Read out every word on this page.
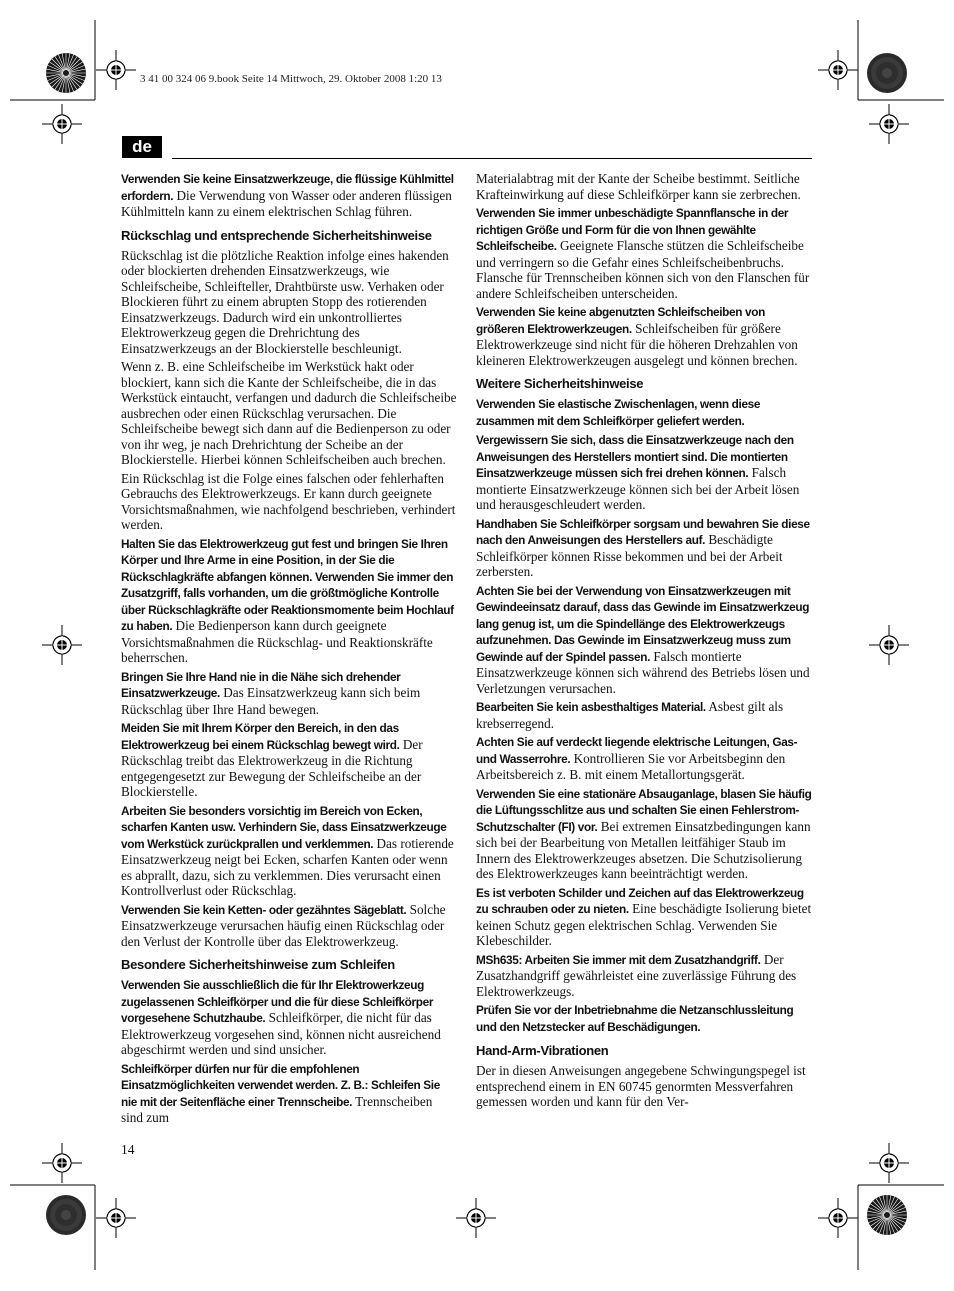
3 41 00 324 06 9.book Seite 14 Mittwoch, 29. Oktober 2008 1:20 13
de

Verwenden Sie keine Einsatzwerkzeuge, die flüssige Kühlmittel erfordern. Die Verwendung von Wasser oder anderen flüssigen Kühlmitteln kann zu einem elektrischen Schlag führen.

Rückschlag und entsprechende Sicherheitshinweise

Rückschlag ist die plötzliche Reaktion infolge eines hakenden oder blockierten drehenden Einsatzwerkzeugs, wie Schleifscheibe, Schleifteller, Drahtbürste usw. Verhaken oder Blockieren führt zu einem abrupten Stopp des rotierenden Einsatzwerkzeugs. Dadurch wird ein unkontrolliertes Elektrowerkzeug gegen die Drehrichtung des Einsatzwerkzeugs an der Blockierstelle beschleunigt.

Wenn z. B. eine Schleifscheibe im Werkstück hakt oder blockiert, kann sich die Kante der Schleifscheibe, die in das Werkstück eintaucht, verfangen und dadurch die Schleifscheibe ausbrechen oder einen Rückschlag verursachen. Die Schleifscheibe bewegt sich dann auf die Bedienperson zu oder von ihr weg, je nach Drehrichtung der Scheibe an der Blockierstelle. Hierbei können Schleifscheiben auch brechen.

Ein Rückschlag ist die Folge eines falschen oder fehlerhaften Gebrauchs des Elektrowerkzeugs. Er kann durch geeignete Vorsichtsmaßnahmen, wie nachfolgend beschrieben, verhindert werden.

Halten Sie das Elektrowerkzeug gut fest und bringen Sie Ihren Körper und Ihre Arme in eine Position, in der Sie die Rückschlagkräfte abfangen können. Verwenden Sie immer den Zusatzgriff, falls vorhanden, um die größtmögliche Kontrolle über Rückschlagkräfte oder Reaktionsmomente beim Hochlauf zu haben. Die Bedienperson kann durch geeignete Vorsichtsmaßnahmen die Rückschlag- und Reaktionskräfte beherrschen.

Bringen Sie Ihre Hand nie in die Nähe sich drehender Einsatzwerkzeuge. Das Einsatzwerkzeug kann sich beim Rückschlag über Ihre Hand bewegen.

Meiden Sie mit Ihrem Körper den Bereich, in den das Elektrowerkzeug bei einem Rückschlag bewegt wird. Der Rückschlag treibt das Elektrowerkzeug in die Richtung entgegengesetzt zur Bewegung der Schleifscheibe an der Blockierstelle.

Arbeiten Sie besonders vorsichtig im Bereich von Ecken, scharfen Kanten usw. Verhindern Sie, dass Einsatzwerkzeuge vom Werkstück zurückprallen und verklemmen. Das rotierende Einsatzwerkzeug neigt bei Ecken, scharfen Kanten oder wenn es abprallt, dazu, sich zu verklemmen. Dies verursacht einen Kontrollverlust oder Rückschlag.

Verwenden Sie kein Ketten- oder gezähntes Sägeblatt. Solche Einsatzwerkzeuge verursachen häufig einen Rückschlag oder den Verlust der Kontrolle über das Elektrowerkzeug.

Besondere Sicherheitshinweise zum Schleifen

Verwenden Sie ausschließlich die für Ihr Elektrowerkzeug zugelassenen Schleifkörper und die für diese Schleifkörper vorgesehene Schutzhaube. Schleifkörper, die nicht für das Elektrowerkzeug vorgesehen sind, können nicht ausreichend abgeschirmt werden und sind unsicher.

Schleifkörper dürfen nur für die empfohlenen Einsatzmöglichkeiten verwendet werden. Z. B.: Schleifen Sie nie mit der Seitenfläche einer Trennscheibe. Trennscheiben sind zum

Materialabtrag mit der Kante der Scheibe bestimmt. Seitliche Krafteinwirkung auf diese Schleifkörper kann sie zerbrechen.

Verwenden Sie immer unbeschädigte Spannflansche in der richtigen Größe und Form für die von Ihnen gewählte Schleifscheibe. Geeignete Flansche stützen die Schleifscheibe und verringern so die Gefahr eines Schleifscheibenbruchs. Flansche für Trennscheiben können sich von den Flanschen für andere Schleifscheiben unterscheiden.

Verwenden Sie keine abgenutzten Schleifscheiben von größeren Elektrowerkzeugen. Schleifscheiben für größere Elektrowerkzeuge sind nicht für die höheren Drehzahlen von kleineren Elektrowerkzeugen ausgelegt und können brechen.

Weitere Sicherheitshinweise

Verwenden Sie elastische Zwischenlagen, wenn diese zusammen mit dem Schleifkörper geliefert werden.

Vergewissern Sie sich, dass die Einsatzwerkzeuge nach den Anweisungen des Herstellers montiert sind. Die montierten Einsatzwerkzeuge müssen sich frei drehen können. Falsch montierte Einsatzwerkzeuge können sich bei der Arbeit lösen und herausgeschleudert werden.

Handhaben Sie Schleifkörper sorgsam und bewahren Sie diese nach den Anweisungen des Herstellers auf. Beschädigte Schleifkörper können Risse bekommen und bei der Arbeit zerbersten.

Achten Sie bei der Verwendung von Einsatzwerkzeugen mit Gewindeeinsatz darauf, dass das Gewinde im Einsatzwerkzeug lang genug ist, um die Spindellänge des Elektrowerkzeugs aufzunehmen. Das Gewinde im Einsatzwerkzeug muss zum Gewinde auf der Spindel passen. Falsch montierte Einsatzwerkzeuge können sich während des Betriebs lösen und Verletzungen verursachen.

Bearbeiten Sie kein asbesthaltiges Material. Asbest gilt als krebserregend.

Achten Sie auf verdeckt liegende elektrische Leitungen, Gas- und Wasserrohre. Kontrollieren Sie vor Arbeitsbeginn den Arbeitsbereich z. B. mit einem Metallortungsgerät.

Verwenden Sie eine stationäre Absauganlage, blasen Sie häufig die Lüftungsschlitze aus und schalten Sie einen Fehlerstrom-Schutzschalter (FI) vor. Bei extremen Einsatzbedingungen kann sich bei der Bearbeitung von Metallen leitfähiger Staub im Innern des Elektrowerkzeuges absetzen. Die Schutzisolierung des Elektrowerkzeuges kann beeinträchtigt werden.

Es ist verboten Schilder und Zeichen auf das Elektrowerkzeug zu schrauben oder zu nieten. Eine beschädigte Isolierung bietet keinen Schutz gegen elektrischen Schlag. Verwenden Sie Klebeschilder.

MSh635: Arbeiten Sie immer mit dem Zusatzhandgriff. Der Zusatzhandgriff gewährleistet eine zuverlässige Führung des Elektrowerkzeugs.

Prüfen Sie vor der Inbetriebnahme die Netzanschlussleitung und den Netzstecker auf Beschädigungen.

Hand-Arm-Vibrationen

Der in diesen Anweisungen angegebene Schwingungspegel ist entsprechend einem in EN 60745 genormten Messverfahren gemessen worden und kann für den Ver-

14
